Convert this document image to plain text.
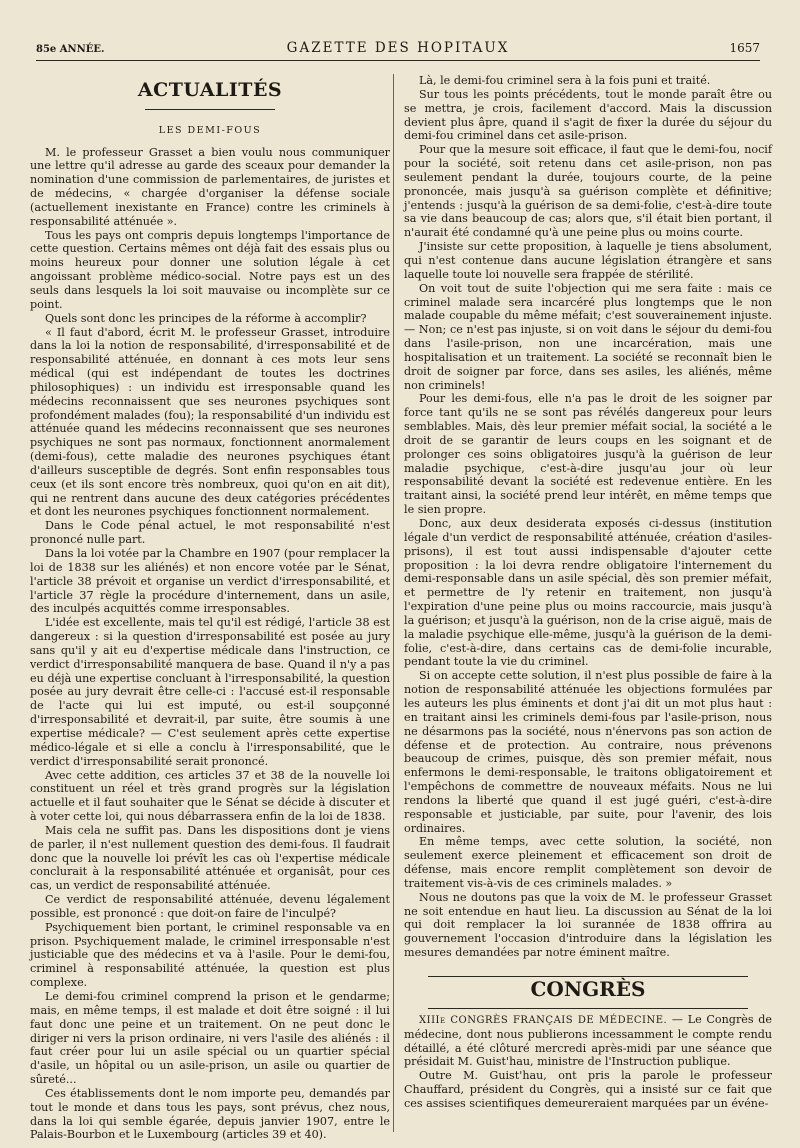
85e ANNÉE.	GAZETTE DES HOPITAUX	1657
ACTUALITÉS
LES DEMI-FOUS

M. le professeur Grasset a bien voulu nous communiquer une lettre qu'il adresse au garde des sceaux pour demander la nomination d'une commission de parlementaires, de juristes et de médecins, « chargée d'organiser la défense sociale (actuellement inexistante en France) contre les criminels à responsabilité atténuée ».

Tous les pays ont compris depuis longtemps l'importance de cette question. Certains mêmes ont déjà fait des essais plus ou moins heureux pour donner une solution légale à cet angoissant problème médico-social. Notre pays est un des seuls dans lesquels la loi soit mauvaise ou incomplète sur ce point.

Quels sont donc les principes de la réforme à accomplir?

« Il faut d'abord, écrit M. le professeur Grasset, introduire dans la loi la notion de responsabilité, d'irresponsabilité et de responsabilité atténuée, en donnant à ces mots leur sens médical (qui est indépendant de toutes les doctrines philosophiques) : un individu est irresponsable quand les médecins reconnaissent que ses neurones psychiques sont profondément malades (fou); la responsabilité d'un individu est atténuée quand les médecins reconnaissent que ses neurones psychiques ne sont pas normaux, fonctionnent anormalement (demi-fous), cette maladie des neurones psychiques étant d'ailleurs susceptible de degrés. Sont enfin responsables tous ceux (et ils sont encore très nombreux, quoi qu'on en ait dit), qui ne rentrent dans aucune des deux catégories précédentes et dont les neurones psychiques fonctionnent normalement.

Dans le Code pénal actuel, le mot responsabilité n'est prononcé nulle part.

Dans la loi votée par la Chambre en 1907 (pour remplacer la loi de 1838 sur les aliénés) et non encore votée par le Sénat, l'article 38 prévoit et organise un verdict d'irresponsabilité, et l'article 37 règle la procédure d'internement, dans un asile, des inculpés acquittés comme irresponsables.

L'idée est excellente, mais tel qu'il est rédigé, l'article 38 est dangereux : si la question d'irresponsabilité est posée au jury sans qu'il y ait eu d'expertise médicale dans l'instruction, ce verdict d'irresponsabilité manquera de base. Quand il n'y a pas eu déjà une expertise concluant à l'irresponsabilité, la question posée au jury devrait être celle-ci : l'accusé est-il responsable de l'acte qui lui est imputé, ou est-il soupçonné d'irresponsabilité et devrait-il, par suite, être soumis à une expertise médicale? — C'est seulement après cette expertise médico-légale et si elle a conclu à l'irresponsabilité, que le verdict d'irresponsabilité serait prononcé.

Avec cette addition, ces articles 37 et 38 de la nouvelle loi constituent un réel et très grand progrès sur la législation actuelle et il faut souhaiter que le Sénat se décide à discuter et à voter cette loi, qui nous débarrassera enfin de la loi de 1838.

Mais cela ne suffit pas. Dans les dispositions dont je viens de parler, il n'est nullement question des demi-fous. Il faudrait donc que la nouvelle loi prévît les cas où l'expertise médicale conclurait à la responsabilité atténuée et organisât, pour ces cas, un verdict de responsabilité atténuée.

Ce verdict de responsabilité atténuée, devenu légalement possible, est prononcé : que doit-on faire de l'inculpé?

Psychiquement bien portant, le criminel responsable va en prison. Psychiquement malade, le criminel irresponsable n'est justiciable que des médecins et va à l'asile. Pour le demi-fou, criminel à responsabilité atténuée, la question est plus complexe.

Le demi-fou criminel comprend la prison et le gendarme; mais, en même temps, il est malade et doit être soigné : il lui faut donc une peine et un traitement. On ne peut donc le diriger ni vers la prison ordinaire, ni vers l'asile des aliénés : il faut créer pour lui un asile spécial ou un quartier spécial d'asile, un hôpital ou un asile-prison, un asile ou quartier de sûreté...

Ces établissements dont le nom importe peu, demandés par tout le monde et dans tous les pays, sont prévus, chez nous, dans la loi qui semble égarée, depuis janvier 1907, entre le Palais-Bourbon et le Luxembourg (articles 39 et 40).

Là, le demi-fou criminel sera à la fois puni et traité.

Sur tous les points précédents, tout le monde paraît être ou se mettra, je crois, facilement d'accord. Mais la discussion devient plus âpre, quand il s'agit de fixer la durée du séjour du demi-fou criminel dans cet asile-prison.

Pour que la mesure soit efficace, il faut que le demi-fou, nocif pour la société, soit retenu dans cet asile-prison, non pas seulement pendant la durée, toujours courte, de la peine prononcée, mais jusqu'à sa guérison complète et définitive; j'entends : jusqu'à la guérison de sa demi-folie, c'est-à-dire toute sa vie dans beaucoup de cas; alors que, s'il était bien portant, il n'aurait été condamné qu'à une peine plus ou moins courte.

J'insiste sur cette proposition, à laquelle je tiens absolument, qui n'est contenue dans aucune législation étrangère et sans laquelle toute loi nouvelle sera frappée de stérilité.

On voit tout de suite l'objection qui me sera faite : mais ce criminel malade sera incarcéré plus longtemps que le non malade coupable du même méfait; c'est souverainement injuste. — Non; ce n'est pas injuste, si on voit dans le séjour du demi-fou dans l'asile-prison, non une incarcération, mais une hospitalisation et un traitement. La société se reconnaît bien le droit de soigner par force, dans ses asiles, les aliénés, même non criminels!

Pour les demi-fous, elle n'a pas le droit de les soigner par force tant qu'ils ne se sont pas révélés dangereux pour leurs semblables. Mais, dès leur premier méfait social, la société a le droit de se garantir de leurs coups en les soignant et de prolonger ces soins obligatoires jusqu'à la guérison de leur maladie psychique, c'est-à-dire jusqu'au jour où leur responsabilité devant la société est redevenue entière. En les traitant ainsi, la société prend leur intérêt, en même temps que le sien propre.

Donc, aux deux desiderata exposés ci-dessus (institution légale d'un verdict de responsabilité atténuée, création d'asiles-prisons), il est tout aussi indispensable d'ajouter cette proposition : la loi devra rendre obligatoire l'internement du demi-responsable dans un asile spécial, dès son premier méfait, et permettre de l'y retenir en traitement, non jusqu'à l'expiration d'une peine plus ou moins raccourcie, mais jusqu'à la guérison; et jusqu'à la guérison, non de la crise aiguë, mais de la maladie psychique elle-même, jusqu'à la guérison de la demi-folie, c'est-à-dire, dans certains cas de demi-folie incurable, pendant toute la vie du criminel.

Si on accepte cette solution, il n'est plus possible de faire à la notion de responsabilité atténuée les objections formulées par les auteurs les plus éminents et dont j'ai dit un mot plus haut : en traitant ainsi les criminels demi-fous par l'asile-prison, nous ne désarmons pas la société, nous n'énervons pas son action de défense et de protection. Au contraire, nous prévenons beaucoup de crimes, puisque, dès son premier méfait, nous enfermons le demi-responsable, le traitons obligatoirement et l'empêchons de commettre de nouveaux méfaits. Nous ne lui rendons la liberté que quand il est jugé guéri, c'est-à-dire responsable et justiciable, par suite, pour l'avenir, des lois ordinaires.

En même temps, avec cette solution, la société, non seulement exerce pleinement et efficacement son droit de défense, mais encore remplit complètement son devoir de traitement vis-à-vis de ces criminels malades. »

Nous ne doutons pas que la voix de M. le professeur Grasset ne soit entendue en haut lieu. La discussion au Sénat de la loi qui doit remplacer la loi surannée de 1838 offrira au gouvernement l'occasion d'introduire dans la législation les mesures demandées par notre éminent maître.

CONGRÈS

XIIIe CONGRÈS FRANÇAIS DE MÉDECINE. — Le Congrès de médecine, dont nous publierons incessamment le compte rendu détaillé, a été clôturé mercredi après-midi par une séance que présidait M. Guist'hau, ministre de l'Instruction publique.

Outre M. Guist'hau, ont pris la parole le professeur Chauffard, président du Congrès, qui a insisté sur ce fait que ces assises scientifiques demeureraient marquées par un événe-
